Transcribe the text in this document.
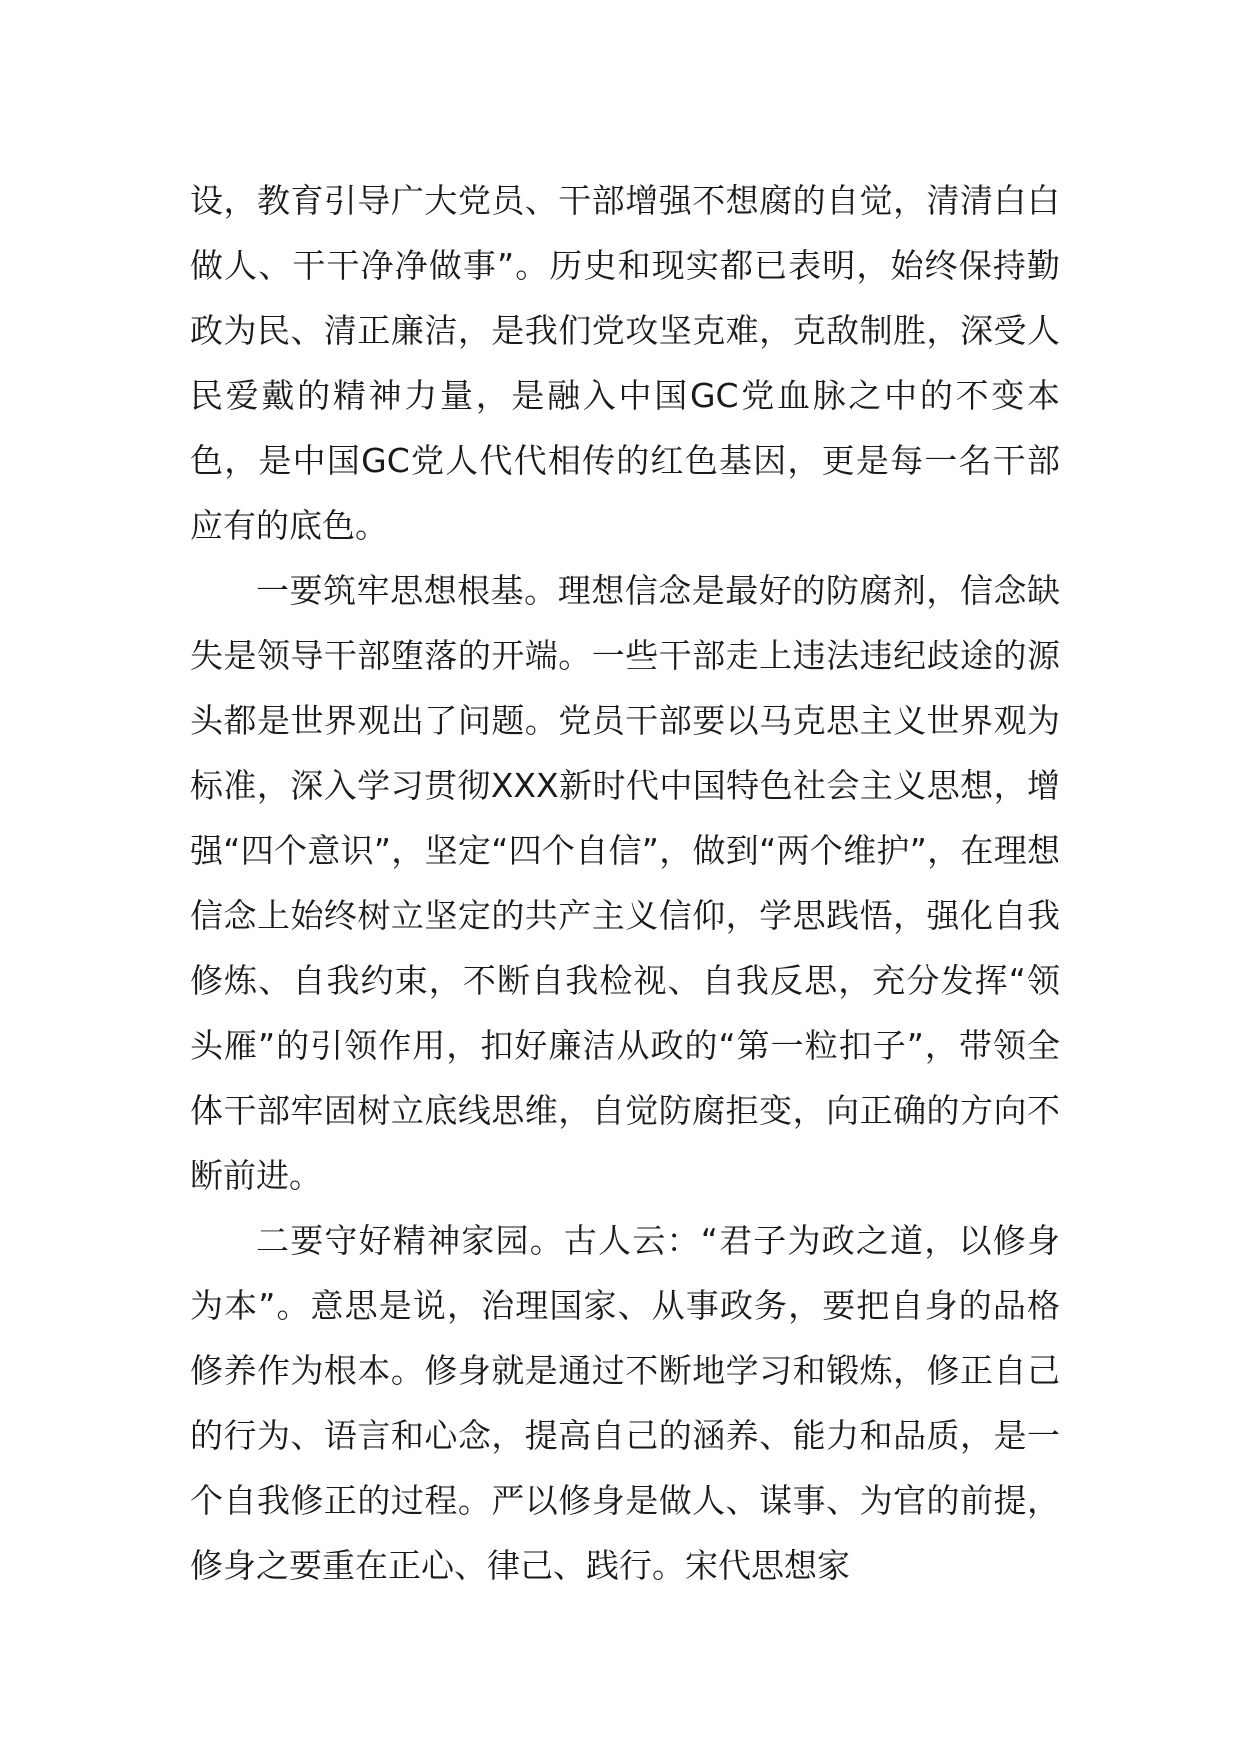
设，教育引导广大党员、干部增强不想腐的自觉，清清白白做人、干干净净做事”。历史和现实都已表明，始终保持勤政为民、清正廉洁，是我们党攻坚克难，克敌制胜，深受人民爱戴的精神力量，是融入中国GC党血脉之中的不变本色，是中国GC党人代代相传的红色基因，更是每一名干部应有的底色。

一要筑牢思想根基。理想信念是最好的防腐剂，信念缺失是领导干部堕落的开端。一些干部走上违法违纪歧途的源头都是世界观出了问题。党员干部要以马克思主义世界观为标准，深入学习贯彻XXX新时代中国特色社会主义思想，增强“四个意识”，坚定“四个自信”，做到“两个维护”，在理想信念上始终树立坚定的共产主义信仰，学思践悟，强化自我修炼、自我约束，不断自我检视、自我反思，充分发挥“领头雁”的引领作用，扣好廉洁从政的“第一粒扣子”，带领全体干部牢固树立底线思维，自觉防腐拒变，向正确的方向不断前进。

二要守好精神家园。古人云：“君子为政之道，以修身为本”。意思是说，治理国家、从事政务，要把自身的品格修养作为根本。修身就是通过不断地学习和锻炼，修正自己的行为、语言和心念，提高自己的涵养、能力和品质，是一个自我修正的过程。严以修身是做人、谋事、为官的前提，修身之要重在正心、律己、践行。宋代思想家
